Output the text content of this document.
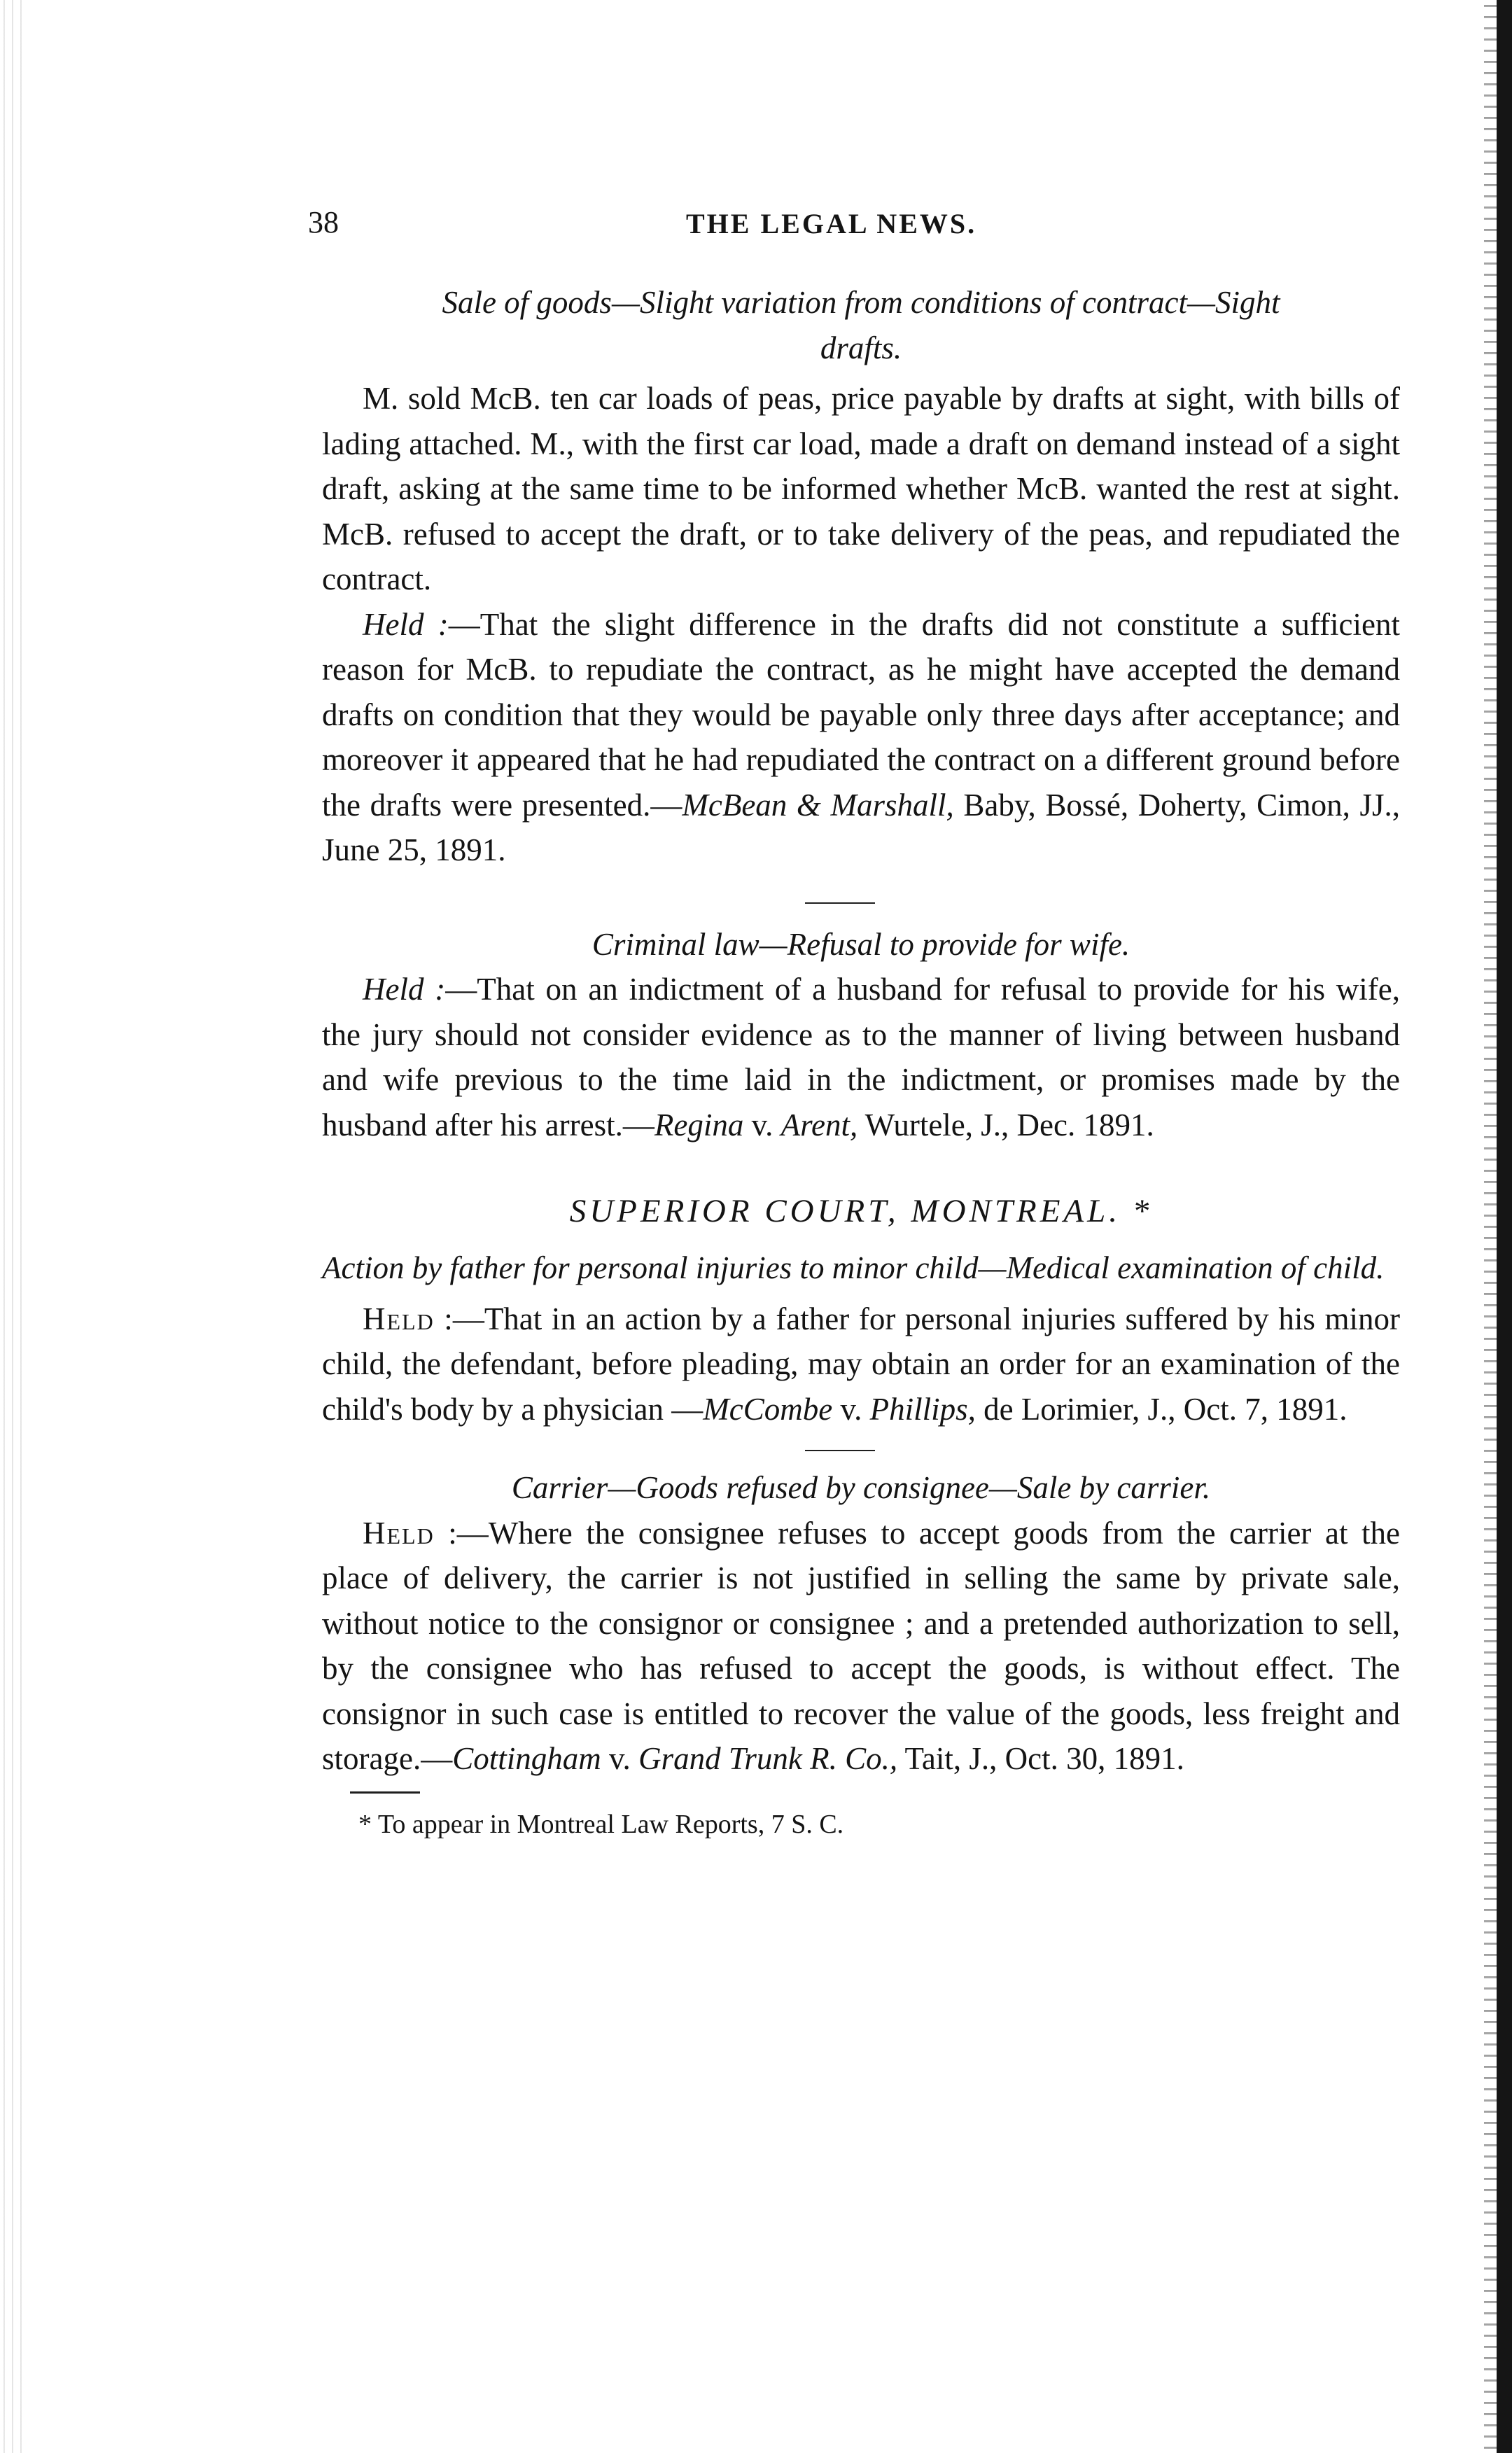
38	THE LEGAL NEWS.

Sale of goods—Slight variation from conditions of contract—Sight
drafts.

M. sold McB. ten car loads of peas, price payable by drafts at sight, with bills of lading attached. M., with the first car load, made a draft on demand instead of a sight draft, asking at the same time to be informed whether McB. wanted the rest at sight. McB. refused to accept the draft, or to take delivery of the peas, and repudiated the contract.

Held :—That the slight difference in the drafts did not constitute a sufficient reason for McB. to repudiate the contract, as he might have accepted the demand drafts on condition that they would be payable only three days after acceptance; and moreover it appeared that he had repudiated the contract on a different ground before the drafts were presented.—McBean & Marshall, Baby, Bossé, Doherty, Cimon, JJ., June 25, 1891.

Criminal law—Refusal to provide for wife.

Held :—That on an indictment of a husband for refusal to provide for his wife, the jury should not consider evidence as to the manner of living between husband and wife previous to the time laid in the indictment, or promises made by the husband after his arrest.—Regina v. Arent, Wurtele, J., Dec. 1891.

SUPERIOR COURT, MONTREAL. *

Action by father for personal injuries to minor child—Medical examination of child.

Held :—That in an action by a father for personal injuries suffered by his minor child, the defendant, before pleading, may obtain an order for an examination of the child's body by a physician —McCombe v. Phillips, de Lorimier, J., Oct. 7, 1891.

Carrier—Goods refused by consignee—Sale by carrier.

Held :—Where the consignee refuses to accept goods from the carrier at the place of delivery, the carrier is not justified in selling the same by private sale, without notice to the consignor or consignee ; and a pretended authorization to sell, by the consignee who has refused to accept the goods, is without effect. The consignor in such case is entitled to recover the value of the goods, less freight and storage.—Cottingham v. Grand Trunk R. Co., Tait, J., Oct. 30, 1891.

* To appear in Montreal Law Reports, 7 S. C.
